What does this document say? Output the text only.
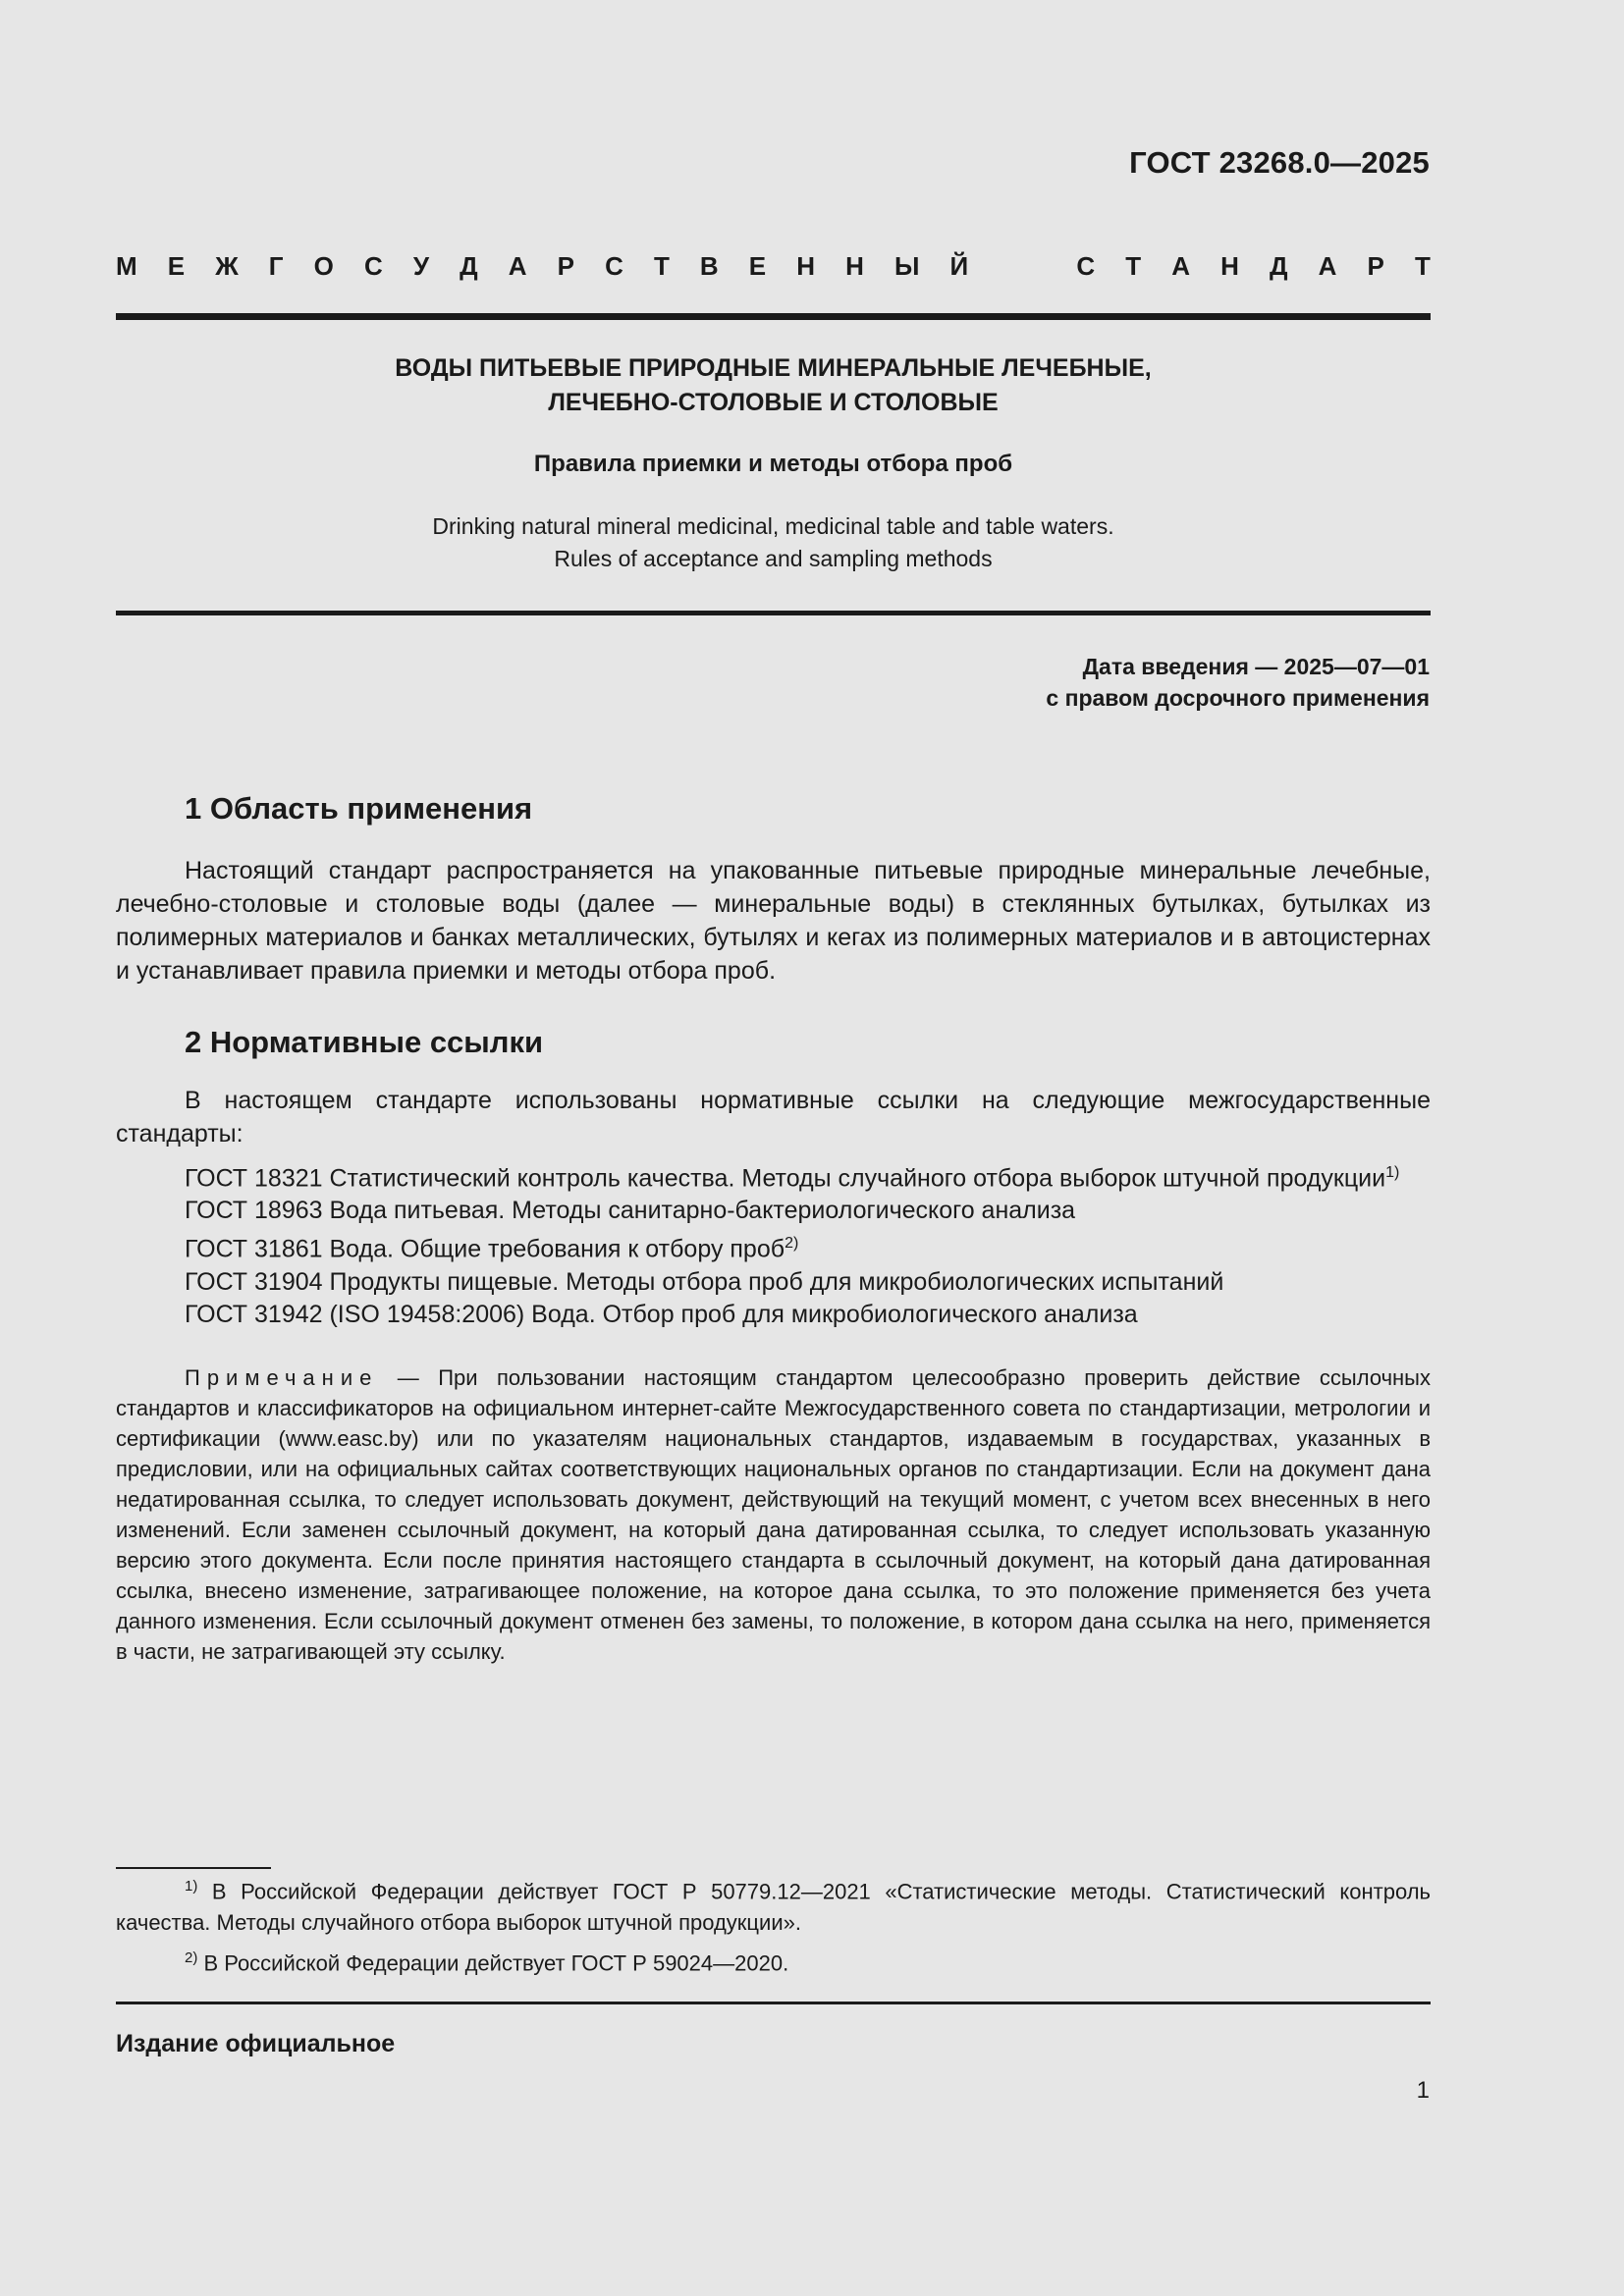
ГОСТ 23268.0—2025
М Е Ж Г О С У Д А Р С Т В Е Н Н Ы Й	С Т А Н Д А Р Т
ВОДЫ ПИТЬЕВЫЕ ПРИРОДНЫЕ МИНЕРАЛЬНЫЕ ЛЕЧЕБНЫЕ,
ЛЕЧЕБНО-СТОЛОВЫЕ И СТОЛОВЫЕ
Правила приемки и методы отбора проб
Drinking natural mineral medicinal, medicinal table and table waters.
Rules of acceptance and sampling methods
Дата введения — 2025—07—01
с правом досрочного применения
1 Область применения
Настоящий стандарт распространяется на упакованные питьевые природные минеральные лечебные, лечебно-столовые и столовые воды (далее — минеральные воды) в стеклянных бутылках, бутылках из полимерных материалов и банках металлических, бутылях и кегах из полимерных материалов и в автоцистернах и устанавливает правила приемки и методы отбора проб.
2 Нормативные ссылки
В настоящем стандарте использованы нормативные ссылки на следующие межгосударственные стандарты:
ГОСТ 18321 Статистический контроль качества. Методы случайного отбора выборок штучной продукции$^{1)}$
ГОСТ 18963 Вода питьевая. Методы санитарно-бактериологического анализа
ГОСТ 31861 Вода. Общие требования к отбору проб$^{2)}$
ГОСТ 31904 Продукты пищевые. Методы отбора проб для микробиологических испытаний
ГОСТ 31942 (ISO 19458:2006) Вода. Отбор проб для микробиологического анализа
Примечание — При пользовании настоящим стандартом целесообразно проверить действие ссылочных стандартов и классификаторов на официальном интернет-сайте Межгосударственного совета по стандартизации, метрологии и сертификации (www.easc.by) или по указателям национальных стандартов, издаваемым в государствах, указанных в предисловии, или на официальных сайтах соответствующих национальных органов по стандартизации. Если на документ дана недатированная ссылка, то следует использовать документ, действующий на текущий момент, с учетом всех внесенных в него изменений. Если заменен ссылочный документ, на который дана датированная ссылка, то следует использовать указанную версию этого документа. Если после принятия настоящего стандарта в ссылочный документ, на который дана датированная ссылка, внесено изменение, затрагивающее положение, на которое дана ссылка, то это положение применяется без учета данного изменения. Если ссылочный документ отменен без замены, то положение, в котором дана ссылка на него, применяется в части, не затрагивающей эту ссылку.
$^{1)}$ В Российской Федерации действует ГОСТ Р 50779.12—2021 «Статистические методы. Статистический контроль качества. Методы случайного отбора выборок штучной продукции».
$^{2)}$ В Российской Федерации действует ГОСТ Р 59024—2020.
Издание официальное
1
